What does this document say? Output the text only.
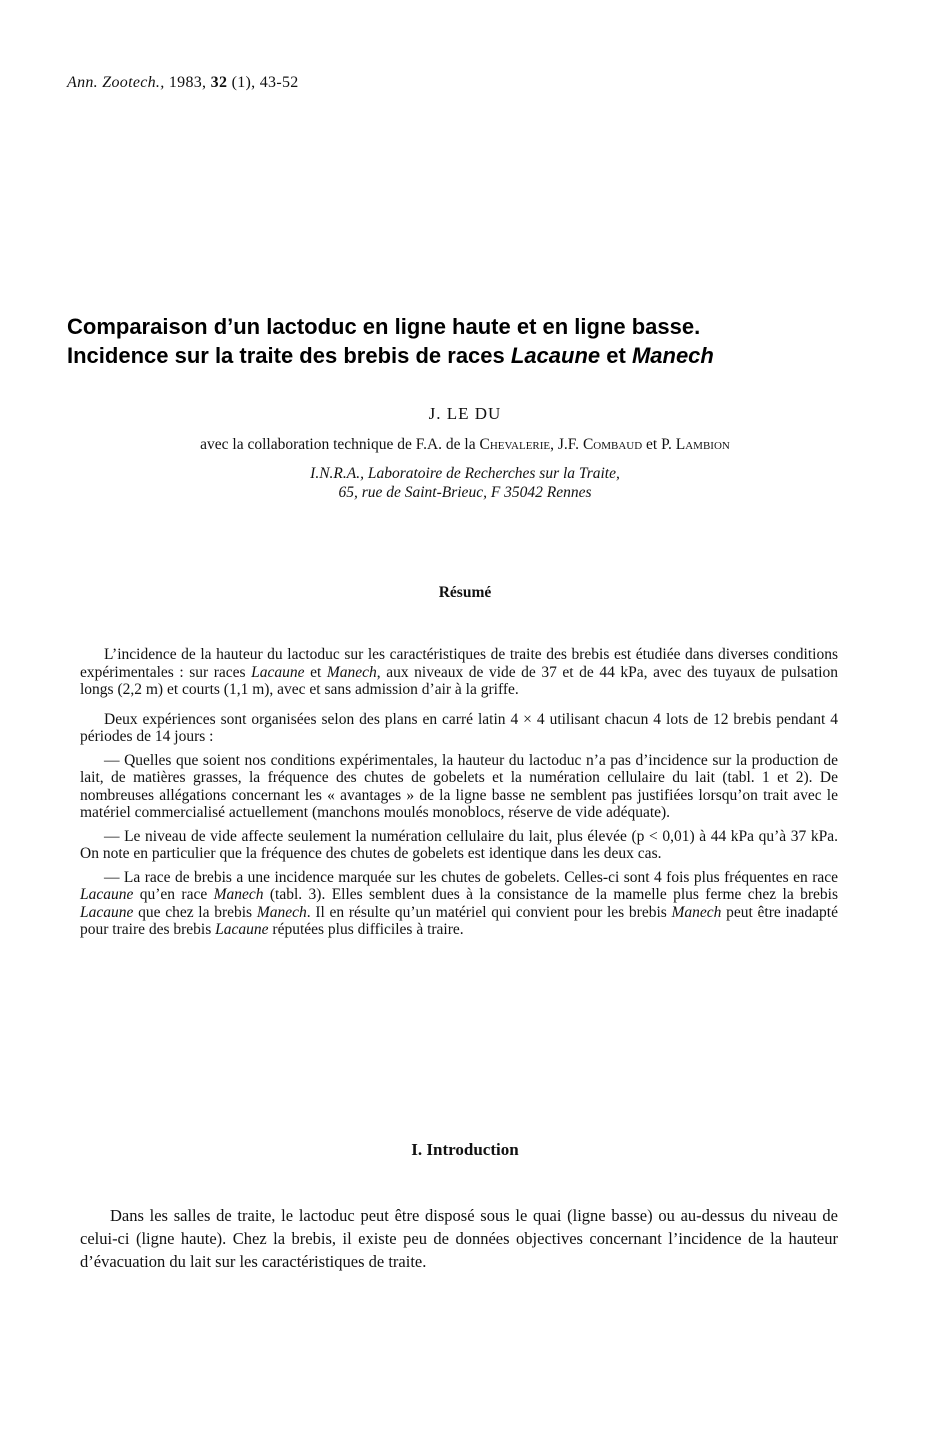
Ann. Zootech., 1983, 32 (1), 43-52
Comparaison d’un lactoduc en ligne haute et en ligne basse.
Incidence sur la traite des brebis de races Lacaune et Manech
J. LE DU
avec la collaboration technique de F.A. de la Chevalerie, J.F. Combaud et P. Lambion
I.N.R.A., Laboratoire de Recherches sur la Traite,
65, rue de Saint-Brieuc, F 35042 Rennes
Résumé

L’incidence de la hauteur du lactoduc sur les caractéristiques de traite des brebis est étudiée dans diverses conditions expérimentales : sur races Lacaune et Manech, aux niveaux de vide de 37 et de 44 kPa, avec des tuyaux de pulsation longs (2,2 m) et courts (1,1 m), avec et sans admission d’air à la griffe.

Deux expériences sont organisées selon des plans en carré latin 4 × 4 utilisant chacun 4 lots de 12 brebis pendant 4 périodes de 14 jours :

— Quelles que soient nos conditions expérimentales, la hauteur du lactoduc n’a pas d’incidence sur la production de lait, de matières grasses, la fréquence des chutes de gobelets et la numération cellulaire du lait (tabl. 1 et 2). De nombreuses allégations concernant les « avantages » de la ligne basse ne semblent pas justifiées lorsqu’on trait avec le matériel commercialisé actuellement (manchons moulés monoblocs, réserve de vide adéquate).

— Le niveau de vide affecte seulement la numération cellulaire du lait, plus élevée (p < 0,01) à 44 kPa qu’à 37 kPa. On note en particulier que la fréquence des chutes de gobelets est identique dans les deux cas.

— La race de brebis a une incidence marquée sur les chutes de gobelets. Celles-ci sont 4 fois plus fréquentes en race Lacaune qu’en race Manech (tabl. 3). Elles semblent dues à la consistance de la mamelle plus ferme chez la brebis Lacaune que chez la brebis Manech. Il en résulte qu’un matériel qui convient pour les brebis Manech peut être inadapté pour traire des brebis Lacaune réputées plus difficiles à traire.

I. Introduction

Dans les salles de traite, le lactoduc peut être disposé sous le quai (ligne basse) ou au-dessus du niveau de celui-ci (ligne haute). Chez la brebis, il existe peu de données objectives concernant l’incidence de la hauteur d’évacuation du lait sur les caractéristiques de traite.
